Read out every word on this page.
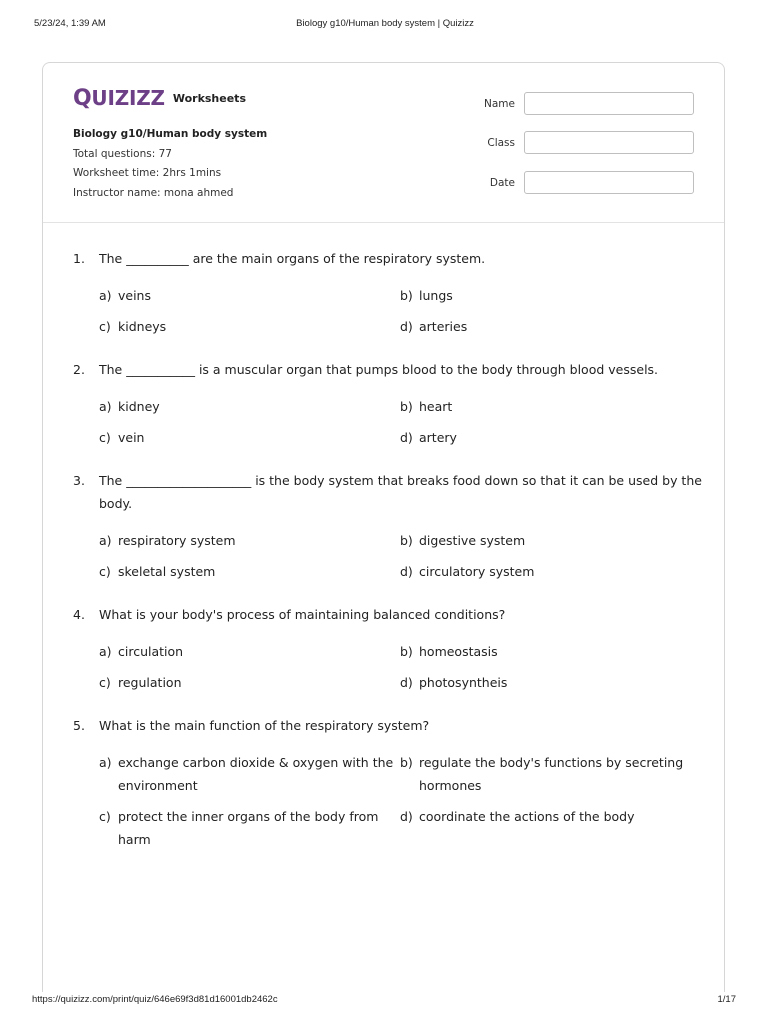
5/23/24, 1:39 AM	Biology g10/Human body system | Quizizz
Q UIZIZZ Worksheets
Biology g10/Human body system
Total questions: 77
Worksheet time: 2hrs 1mins
Instructor name: mona ahmed
Name
Class
Date
1.	The __________ are the main organs of the respiratory system.
a) veins	b) lungs
c) kidneys	d) arteries
2.	The ___________ is a muscular organ that pumps blood to the body through blood vessels.
a) kidney	b) heart
c) vein	d) artery
3.	The ____________________ is the body system that breaks food down so that it can be used by the body.
a) respiratory system	b) digestive system
c) skeletal system	d) circulatory system
4.	What is your body's process of maintaining balanced conditions?
a) circulation	b) homeostasis
c) regulation	d) photosyntheis
5.	What is the main function of the respiratory system?
a) exchange carbon dioxide & oxygen with the environment
b) regulate the body's functions by secreting hormones
c) protect the inner organs of the body from harm
d) coordinate the actions of the body
https://quizizz.com/print/quiz/646e69f3d81d16001db2462c	1/17
